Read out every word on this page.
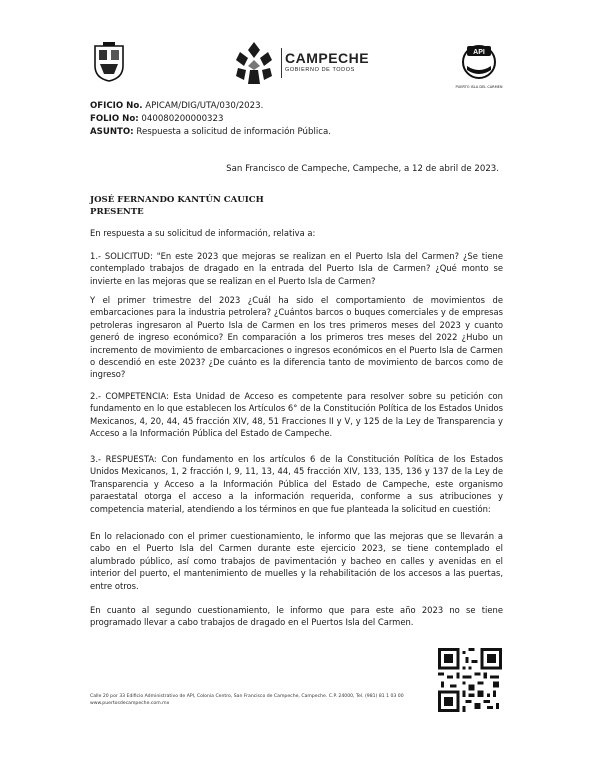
CAMPECHE
GOBIERNO DE TODOS
API
PUERTO ISLA DEL CARMEN
OFICIO No. APICAM/DIG/UTA/030/2023.
FOLIO No: 040080200000323
ASUNTO: Respuesta a solicitud de información Pública.
San Francisco de Campeche, Campeche, a 12 de abril de 2023.
JOSÉ FERNANDO KANTÚN CAUICH
PRESENTE
En respuesta a su solicitud de información, relativa a:
1.- SOLICITUD: "En este 2023 que mejoras se realizan en el Puerto Isla del Carmen? ¿Se tiene contemplado trabajos de dragado en la entrada del Puerto Isla de Carmen? ¿Qué monto se invierte en las mejoras que se realizan en el Puerto Isla de Carmen?
Y el primer trimestre del 2023 ¿Cuál ha sido el comportamiento de movimientos de embarcaciones para la industria petrolera? ¿Cuántos barcos o buques comerciales y de empresas petroleras ingresaron al Puerto Isla de Carmen en los tres primeros meses del 2023 y cuanto generó de ingreso económico? En comparación a los primeros tres meses del 2022 ¿Hubo un incremento de movimiento de embarcaciones o ingresos económicos en el Puerto Isla de Carmen o descendió en este 2023? ¿De cuánto es la diferencia tanto de movimiento de barcos como de ingreso?
2.- COMPETENCIA: Esta Unidad de Acceso es competente para resolver sobre su petición con fundamento en lo que establecen los Artículos 6° de la Constitución Política de los Estados Unidos Mexicanos, 4, 20, 44, 45 fracción XIV, 48, 51 Fracciones II y V, y 125 de la Ley de Transparencia y Acceso a la Información Pública del Estado de Campeche.
3.- RESPUESTA: Con fundamento en los artículos 6 de la Constitución Política de los Estados Unidos Mexicanos, 1, 2 fracción I, 9, 11, 13, 44, 45 fracción XIV, 133, 135, 136 y 137 de la Ley de Transparencia y Acceso a la Información Pública del Estado de Campeche, este organismo paraestatal otorga el acceso a la información requerida, conforme a sus atribuciones y competencia material, atendiendo a los términos en que fue planteada la solicitud en cuestión:
En lo relacionado con el primer cuestionamiento, le informo que las mejoras que se llevarán a cabo en el Puerto Isla del Carmen durante este ejercicio 2023, se tiene contemplado el alumbrado público, así como trabajos de pavimentación y bacheo en calles y avenidas en el interior del puerto, el mantenimiento de muelles y la rehabilitación de los accesos a las puertas, entre otros.
En cuanto al segundo cuestionamiento, le informo que para este año 2023 no se tiene programado llevar a cabo trabajos de dragado en el Puertos Isla del Carmen.
Calle 20 por 33 Edificio Administrativo de API, Colonia Centro, San Francisco de Campeche, Campeche. C.P. 24000, Tel. (981) 81 1 03 00
www.puertosdecampeche.com.mx
